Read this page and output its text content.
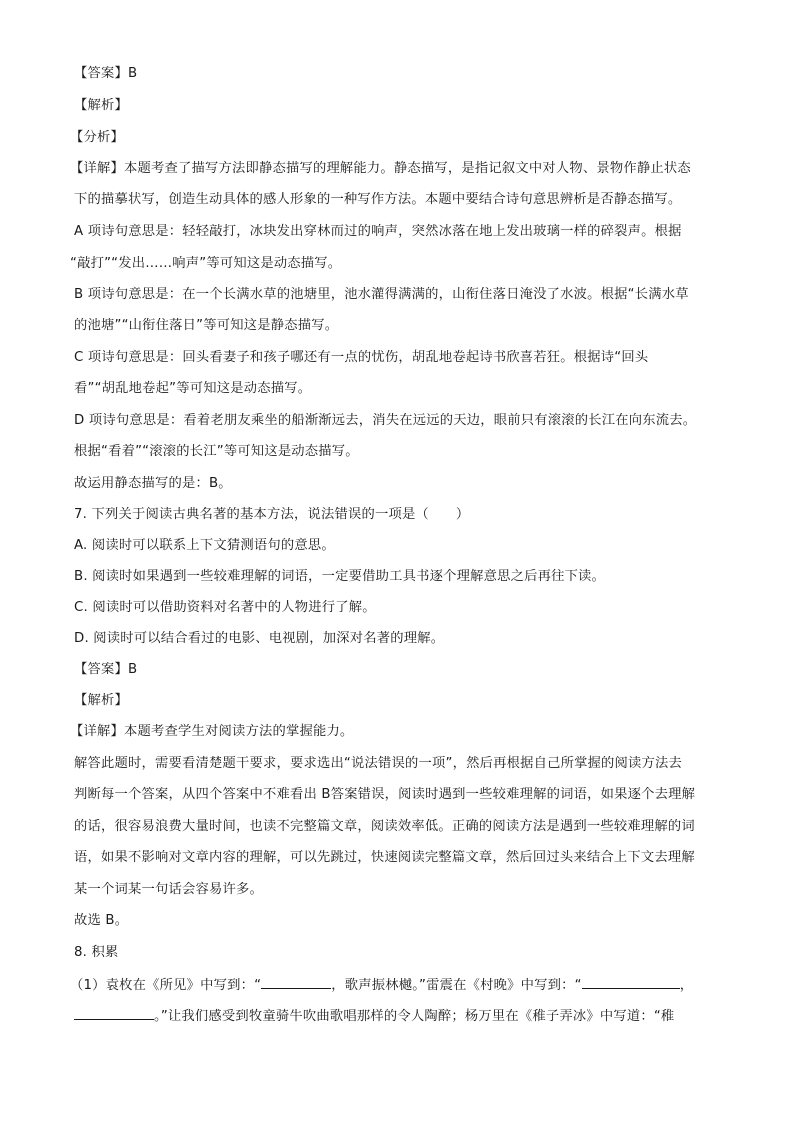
【答案】B
【解析】
【分析】
【详解】本题考查了描写方法即静态描写的理解能力。静态描写，是指记叙文中对人物、景物作静止状态
下的描摹状写，创造生动具体的感人形象的一种写作方法。本题中要结合诗句意思辨析是否静态描写。
A 项诗句意思是：轻轻敲打，冰块发出穿林而过的响声，突然冰落在地上发出玻璃一样的碎裂声。根据
“敲打”“发出……响声”等可知这是动态描写。
B 项诗句意思是：在一个长满水草的池塘里，池水灌得满满的，山衔住落日淹没了水波。根据“长满水草
的池塘”“山衔住落日”等可知这是静态描写。
C 项诗句意思是：回头看妻子和孩子哪还有一点的忧伤，胡乱地卷起诗书欣喜若狂。根据诗“回头
看”“胡乱地卷起”等可知这是动态描写。
D 项诗句意思是：看着老朋友乘坐的船渐渐远去，消失在远远的天边，眼前只有滚滚的长江在向东流去。
根据“看着”“滚滚的长江”等可知这是动态描写。
故运用静态描写的是：B。
7. 下列关于阅读古典名著的基本方法，说法错误的一项是（　　）
A. 阅读时可以联系上下文猜测语句的意思。
B. 阅读时如果遇到一些较难理解的词语，一定要借助工具书逐个理解意思之后再往下读。
C. 阅读时可以借助资料对名著中的人物进行了解。
D. 阅读时可以结合看过的电影、电视剧，加深对名著的理解。
【答案】B
【解析】
【详解】本题考查学生对阅读方法的掌握能力。
解答此题时，需要看清楚题干要求，要求选出“说法错误的一项”，然后再根据自己所掌握的阅读方法去
判断每一个答案，从四个答案中不难看出 B答案错误，阅读时遇到一些较难理解的词语，如果逐个去理解
的话，很容易浪费大量时间，也读不完整篇文章，阅读效率低。正确的阅读方法是遇到一些较难理解的词
语，如果不影响对文章内容的理解，可以先跳过，快速阅读完整篇文章，然后回过头来结合上下文去理解
某一个词某一句话会容易许多。
故选 B。
8. 积累
（1）袁枚在《所见》中写到：“	，歌声振林樾。”雷震在《村晚》中写到：“	，
。”让我们感受到牧童骑牛吹曲歌唱那样的令人陶醉；杨万里在《稚子弄冰》中写道：“稚
